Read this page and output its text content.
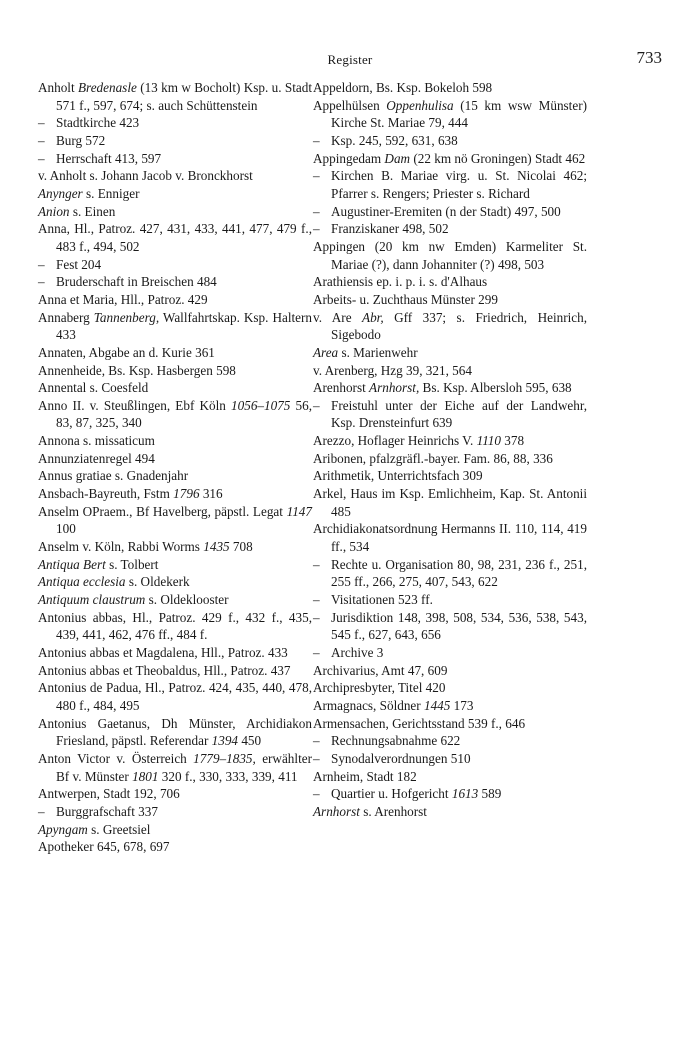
Register	733

Anholt Bredenasle (13 km w Bocholt) Ksp. u. Stadt 571 f., 597, 674; s. auch Schüttenstein

– Stadtkirche 423

– Burg 572

– Herrschaft 413, 597

v. Anholt s. Johann Jacob v. Bronckhorst

Anynger s. Enniger

Anion s. Einen

Anna, Hl., Patroz. 427, 431, 433, 441, 477, 479 f., 483 f., 494, 502

– Fest 204

– Bruderschaft in Breischen 484

Anna et Maria, Hll., Patroz. 429

Annaberg Tannenberg, Wallfahrtskap. Ksp. Haltern 433

Annaten, Abgabe an d. Kurie 361

Annenheide, Bs. Ksp. Hasbergen 598

Annental s. Coesfeld

Anno II. v. Steußlingen, Ebf Köln 1056–1075 56, 83, 87, 325, 340

Annona s. missaticum

Annunziatenregel 494

Annus gratiae s. Gnadenjahr

Ansbach-Bayreuth, Fstm 1796 316

Anselm OPraem., Bf Havelberg, päpstl. Legat 1147 100

Anselm v. Köln, Rabbi Worms 1435 708

Antiqua Bert s. Tolbert

Antiqua ecclesia s. Oldekerk

Antiquum claustrum s. Oldeklooster

Antonius abbas, Hl., Patroz. 429 f., 432 f., 435, 439, 441, 462, 476 ff., 484 f.

Antonius abbas et Magdalena, Hll., Patroz. 433

Antonius abbas et Theobaldus, Hll., Patroz. 437

Antonius de Padua, Hl., Patroz. 424, 435, 440, 478, 480 f., 484, 495

Antonius Gaetanus, Dh Münster, Archidiakon Friesland, päpstl. Referendar 1394 450

Anton Victor v. Österreich 1779–1835, erwählter Bf v. Münster 1801 320 f., 330, 333, 339, 411

Antwerpen, Stadt 192, 706

– Burggrafschaft 337

Apyngam s. Greetsiel

Apotheker 645, 678, 697

Appeldorn, Bs. Ksp. Bokeloh 598

Appelhülsen Oppenhulisa (15 km wsw Münster) Kirche St. Mariae 79, 444

– Ksp. 245, 592, 631, 638

Appingedam Dam (22 km nö Groningen) Stadt 462

– Kirchen B. Mariae virg. u. St. Nicolai 462; Pfarrer s. Rengers; Priester s. Richard

– Augustiner-Eremiten (n der Stadt) 497, 500

– Franziskaner 498, 502

Appingen (20 km nw Emden) Karmeliter St. Mariae (?), dann Johanniter (?) 498, 503

Arathiensis ep. i. p. i. s. d'Alhaus

Arbeits- u. Zuchthaus Münster 299

v. Are Abr, Gff 337; s. Friedrich, Heinrich, Sigebodo

Area s. Marienwehr

v. Arenberg, Hzg 39, 321, 564

Arenhorst Arnhorst, Bs. Ksp. Albersloh 595, 638

– Freistuhl unter der Eiche auf der Landwehr, Ksp. Drensteinfurt 639

Arezzo, Hoflager Heinrichs V. 1110 378

Aribonen, pfalzgräfl.-bayer. Fam. 86, 88, 336

Arithmetik, Unterrichtsfach 309

Arkel, Haus im Ksp. Emlichheim, Kap. St. Antonii 485

Archidiakonatsordnung Hermanns II. 110, 114, 419 ff., 534

– Rechte u. Organisation 80, 98, 231, 236 f., 251, 255 ff., 266, 275, 407, 543, 622

– Visitationen 523 ff.

– Jurisdiktion 148, 398, 508, 534, 536, 538, 543, 545 f., 627, 643, 656

– Archive 3

Archivarius, Amt 47, 609

Archipresbyter, Titel 420

Armagnacs, Söldner 1445 173

Armensachen, Gerichtsstand 539 f., 646

– Rechnungsabnahme 622

– Synodalverordnungen 510

Arnheim, Stadt 182

– Quartier u. Hofgericht 1613 589

Arnhorst s. Arenhorst
